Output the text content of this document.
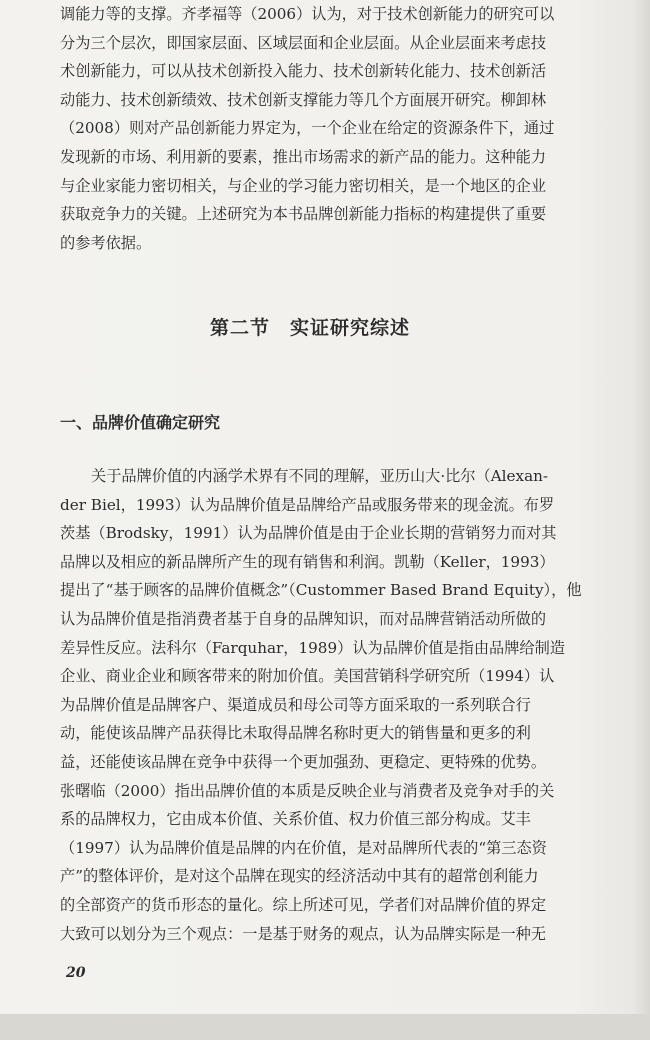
调能力等的支撑。齐孝福等（2006）认为，对于技术创新能力的研究可以
分为三个层次，即国家层面、区域层面和企业层面。从企业层面来考虑技
术创新能力，可以从技术创新投入能力、技术创新转化能力、技术创新活
动能力、技术创新绩效、技术创新支撑能力等几个方面展开研究。柳卸林
（2008）则对产品创新能力界定为，一个企业在给定的资源条件下，通过
发现新的市场、利用新的要素，推出市场需求的新产品的能力。这种能力
与企业家能力密切相关，与企业的学习能力密切相关，是一个地区的企业
获取竞争力的关键。上述研究为本书品牌创新能力指标的构建提供了重要
的参考依据。
第二节　实证研究综述
一、品牌价值确定研究
关于品牌价值的内涵学术界有不同的理解，亚历山大·比尔（Alexan-
der Biel，1993）认为品牌价值是品牌给产品或服务带来的现金流。布罗
茨基（Brodsky，1991）认为品牌价值是由于企业长期的营销努力而对其
品牌以及相应的新品牌所产生的现有销售和利润。凯勒（Keller，1993）
提出了“基于顾客的品牌价值概念”（Custommer Based Brand Equity），他
认为品牌价值是指消费者基于自身的品牌知识，而对品牌营销活动所做的
差异性反应。法科尔（Farquhar，1989）认为品牌价值是指由品牌给制造
企业、商业企业和顾客带来的附加价值。美国营销科学研究所（1994）认
为品牌价值是品牌客户、渠道成员和母公司等方面采取的一系列联合行
动，能使该品牌产品获得比未取得品牌名称时更大的销售量和更多的利
益，还能使该品牌在竞争中获得一个更加强劲、更稳定、更特殊的优势。
张曙临（2000）指出品牌价值的本质是反映企业与消费者及竞争对手的关
系的品牌权力，它由成本价值、关系价值、权力价值三部分构成。艾丰
（1997）认为品牌价值是品牌的内在价值，是对品牌所代表的“第三态资
产”的整体评价，是对这个品牌在现实的经济活动中其有的超常创利能力
的全部资产的货币形态的量化。综上所述可见，学者们对品牌价值的界定
大致可以划分为三个观点：一是基于财务的观点，认为品牌实际是一种无
20
